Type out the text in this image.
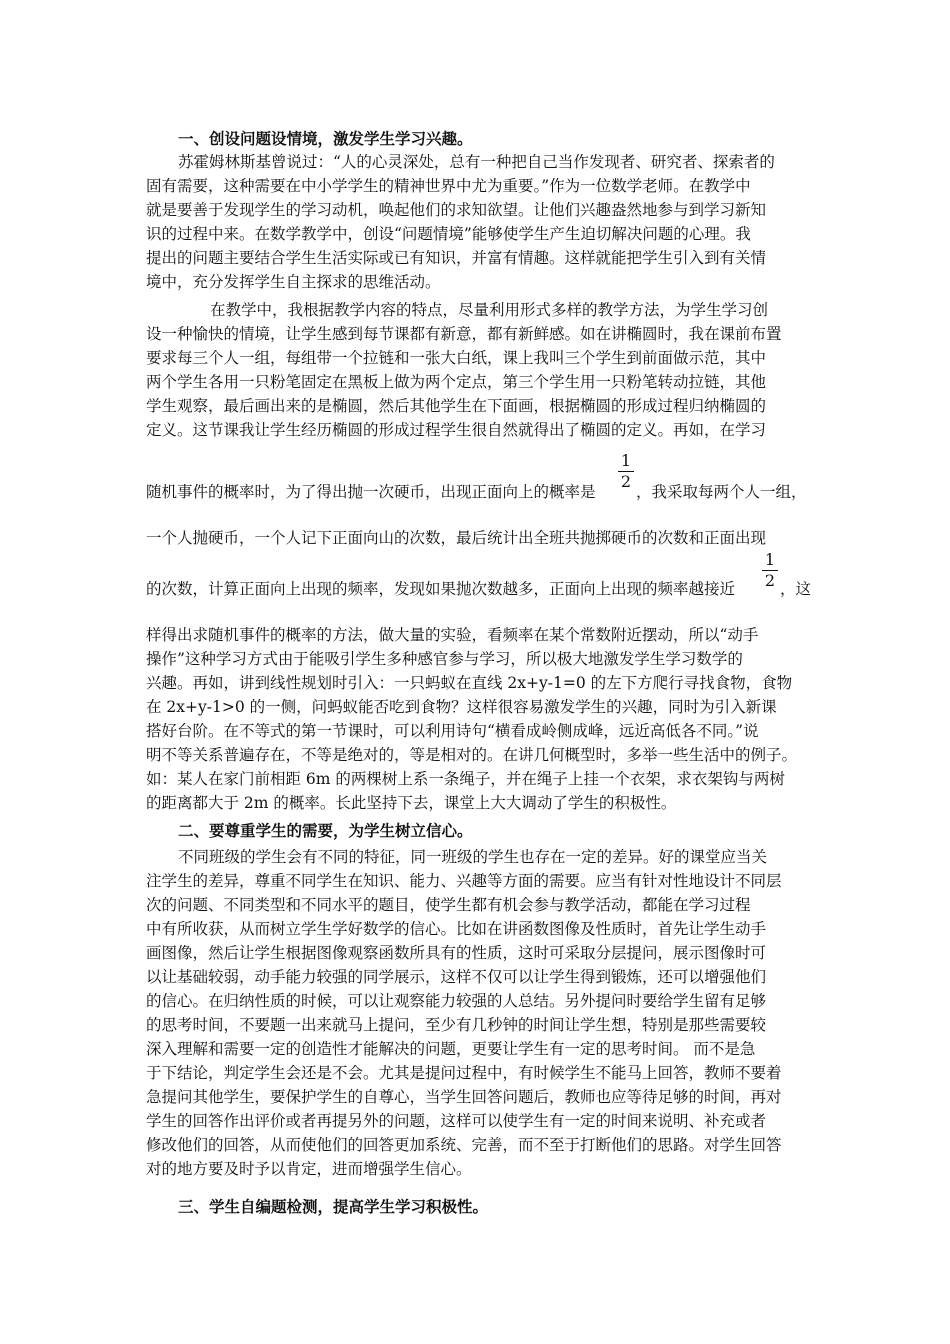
一、创设问题设情境，激发学生学习兴趣。
苏霍姆林斯基曾说过：“人的心灵深处，总有一种把自己当作发现者、研究者、探索者的
固有需要，这种需要在中小学学生的精神世界中尤为重要。”作为一位数学老师。在教学中
就是要善于发现学生的学习动机，唤起他们的求知欲望。让他们兴趣盎然地参与到学习新知
识的过程中来。在数学教学中，创设“问题情境”能够使学生产生迫切解决问题的心理。我
提出的问题主要结合学生生活实际或已有知识，并富有情趣。这样就能把学生引入到有关情
境中，充分发挥学生自主探求的思维活动。
在教学中，我根据教学内容的特点，尽量利用形式多样的教学方法，为学生学习创
设一种愉快的情境，让学生感到每节课都有新意，都有新鲜感。如在讲椭圆时，我在课前布置
要求每三个人一组，每组带一个拉链和一张大白纸，课上我叫三个学生到前面做示范，其中
两个学生各用一只粉笔固定在黑板上做为两个定点，第三个学生用一只粉笔转动拉链，其他
学生观察，最后画出来的是椭圆，然后其他学生在下面画，根据椭圆的形成过程归纳椭圆的
定义。这节课我让学生经历椭圆的形成过程学生很自然就得出了椭圆的定义。再如，在学习
随机事件的概率时，为了得出抛一次硬币，出现正面向上的概率是
1
2
，我采取每两个人一组，
一个人抛硬币，一个人记下正面向山的次数，最后统计出全班共抛掷硬币的次数和正面出现
的次数，计算正面向上出现的频率，发现如果抛次数越多，正面向上出现的频率越接近
1
2 ，这
样得出求随机事件的概率的方法，做大量的实验，看频率在某个常数附近摆动，所以“动手
操作”这种学习方式由于能吸引学生多种感官参与学习，所以极大地激发学生学习数学的
兴趣。再如，讲到线性规划时引入：一只蚂蚁在直线 2x+y-1=0 的左下方爬行寻找食物，食物
在 2x+y-1>0 的一侧，问蚂蚁能否吃到食物？这样很容易激发学生的兴趣，同时为引入新课
搭好台阶。在不等式的第一节课时，可以利用诗句“横看成岭侧成峰，远近高低各不同。”说
明不等关系普遍存在，不等是绝对的，等是相对的。在讲几何概型时，多举一些生活中的例子。
如：某人在家门前相距 6m 的两棵树上系一条绳子，并在绳子上挂一个衣架，求衣架钩与两树
的距离都大于 2m 的概率。长此坚持下去，课堂上大大调动了学生的积极性。
二、要尊重学生的需要，为学生树立信心。
不同班级的学生会有不同的特征，同一班级的学生也存在一定的差异。好的课堂应当关
注学生的差异，尊重不同学生在知识、能力、兴趣等方面的需要。应当有针对性地设计不同层
次的问题、不同类型和不同水平的题目，使学生都有机会参与教学活动，都能在学习过程
中有所收获，从而树立学生学好数学的信心。比如在讲函数图像及性质时，首先让学生动手
画图像，然后让学生根据图像观察函数所具有的性质，这时可采取分层提问，展示图像时可
以让基础较弱，动手能力较强的同学展示，这样不仅可以让学生得到锻炼，还可以增强他们
的信心。在归纳性质的时候，可以让观察能力较强的人总结。另外提问时要给学生留有足够
的思考时间，不要题一出来就马上提问，至少有几秒钟的时间让学生想，特别是那些需要较
深入理解和需要一定的创造性才能解决的问题，更要让学生有一定的思考时间。 而不是急
于下结论，判定学生会还是不会。尤其是提问过程中，有时候学生不能马上回答，教师不要着
急提问其他学生，要保护学生的自尊心，当学生回答问题后，教师也应等待足够的时间，再对
学生的回答作出评价或者再提另外的问题，这样可以使学生有一定的时间来说明、补充或者
修改他们的回答，从而使他们的回答更加系统、完善，而不至于打断他们的思路。对学生回答
对的地方要及时予以肯定，进而增强学生信心。
三、学生自编题检测，提高学生学习积极性。
